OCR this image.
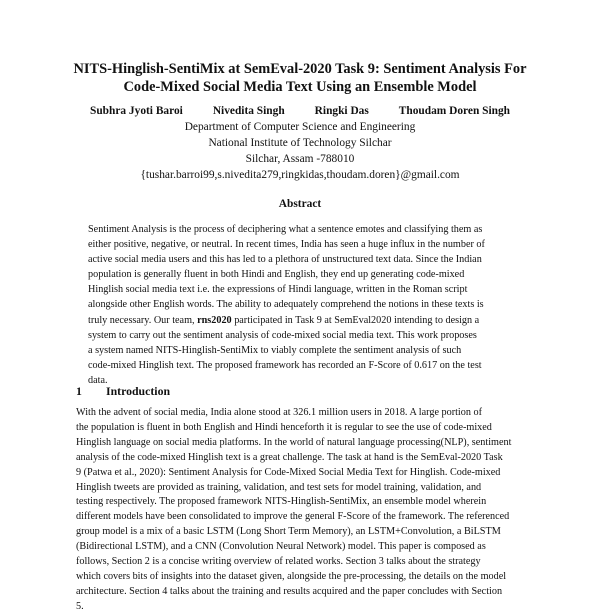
NITS-Hinglish-SentiMix at SemEval-2020 Task 9: Sentiment Analysis For
Code-Mixed Social Media Text Using an Ensemble Model
Subhra Jyoti Baroi	Nivedita Singh	Ringki Das	Thoudam Doren Singh
Department of Computer Science and Engineering
National Institute of Technology Silchar
Silchar, Assam -788010
{tushar.barroi99,s.nivedita279,ringkidas,thoudam.doren}@gmail.com
Abstract
Sentiment Analysis is the process of deciphering what a sentence emotes and classifying them as
either positive, negative, or neutral. In recent times, India has seen a huge influx in the number of
active social media users and this has led to a plethora of unstructured text data. Since the Indian
population is generally fluent in both Hindi and English, they end up generating code-mixed
Hinglish social media text i.e. the expressions of Hindi language, written in the Roman script
alongside other English words. The ability to adequately comprehend the notions in these texts is
truly necessary. Our team, rns2020 participated in Task 9 at SemEval2020 intending to design a
system to carry out the sentiment analysis of code-mixed social media text. This work proposes
a system named NITS-Hinglish-SentiMix to viably complete the sentiment analysis of such
code-mixed Hinglish text. The proposed framework has recorded an F-Score of 0.617 on the test
data.
1 Introduction
With the advent of social media, India alone stood at 326.1 million users in 2018. A large portion of
the population is fluent in both English and Hindi henceforth it is regular to see the use of code-mixed
Hinglish language on social media platforms. In the world of natural language processing(NLP), sentiment
analysis of the code-mixed Hinglish text is a great challenge. The task at hand is the SemEval-2020 Task
9 (Patwa et al., 2020): Sentiment Analysis for Code-Mixed Social Media Text for Hinglish. Code-mixed
Hinglish tweets are provided as training, validation, and test sets for model training, validation, and
testing respectively. The proposed framework NITS-Hinglish-SentiMix, an ensemble model wherein
different models have been consolidated to improve the general F-Score of the framework. The referenced
group model is a mix of a basic LSTM (Long Short Term Memory), an LSTM+Convolution, a BiLSTM
(Bidirectional LSTM), and a CNN (Convolution Neural Network) model. This paper is composed as
follows, Section 2 is a concise writing overview of related works. Section 3 talks about the strategy
which covers bits of insights into the dataset given, alongside the pre-processing, the details on the model
architecture. Section 4 talks about the training and results acquired and the paper concludes with Section
5.
